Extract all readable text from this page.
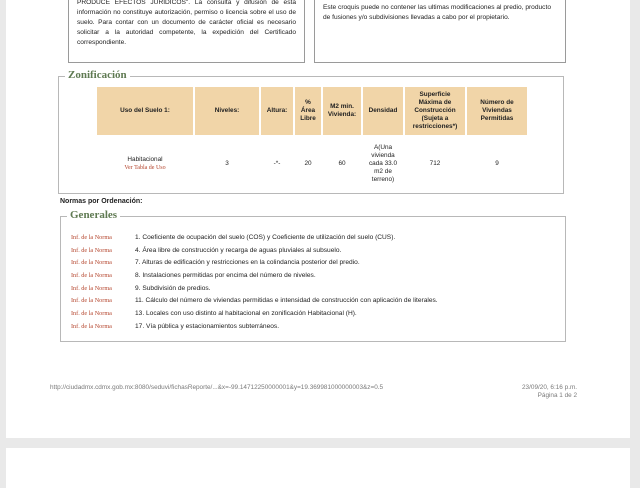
PRODUCE EFECTOS JURÍDICOS". La consulta y difusión de esta información no constituye autorización, permiso o licencia sobre el uso de suelo. Para contar con un documento de carácter oficial es necesario solicitar a la autoridad competente, la expedición del Certificado correspondiente.
Este croquis puede no contener las ultimas modificaciones al predio, producto de fusiones y/o subdivisiones llevadas a cabo por el propietario.
Zonificación
Uso del Suelo 1:	Niveles:	Altura:	% Área Libre	M2 min. Vivienda:	Densidad	Superficie Máxima de Construcción (Sujeta a restricciones*)	Número de Viviendas Permitidas

Habitacional
Ver Tabla de Uso	3	-*-	20	60	A(Una vivienda cada 33.0 m2 de terreno)	712	9
Normas por Ordenación:
Generales
Inf. de la Norma	1. Coeficiente de ocupación del suelo (COS) y Coeficiente de utilización del suelo (CUS).
Inf. de la Norma	4. Área libre de construcción y recarga de aguas pluviales al subsuelo.
Inf. de la Norma	7. Alturas de edificación y restricciones en la colindancia posterior del predio.
Inf. de la Norma	8. Instalaciones permitidas por encima del número de niveles.
Inf. de la Norma	9. Subdivisión de predios.
Inf. de la Norma	11. Cálculo del número de viviendas permitidas e intensidad de construcción con aplicación de literales.
Inf. de la Norma	13. Locales con uso distinto al habitacional en zonificación Habitacional (H).
Inf. de la Norma	17. Vía pública y estacionamientos subterráneos.
http://ciudadmx.cdmx.gob.mx:8080/seduvi/fichasReporte/...&x=-99.14712250000001&y=19.369981000000003&z=0.5	23/09/20, 6:16 p.m.
Página 1 de 2
